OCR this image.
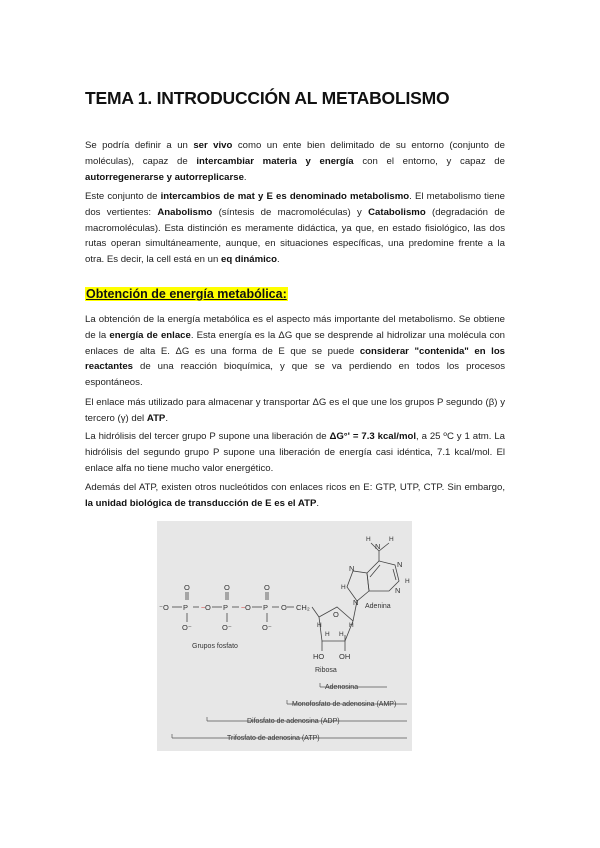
TEMA 1. INTRODUCCIÓN AL METABOLISMO

Se podría definir a un ser vivo como un ente bien delimitado de su entorno (conjunto de moléculas), capaz de intercambiar materia y energía con el entorno, y capaz de autorregenerarse y autorreplicarse.

Este conjunto de intercambios de mat y E es denominado metabolismo. El metabolismo tiene dos vertientes: Anabolismo (síntesis de macromoléculas) y Catabolismo (degradación de macromoléculas). Esta distinción es meramente didáctica, ya que, en estado fisiológico, las dos rutas operan simultáneamente, aunque, en situaciones específicas, una predomine frente a la otra. Es decir, la cell está en un eq dinámico.

Obtención de energía metabólica:

La obtención de la energía metabólica es el aspecto más importante del metabolismo. Se obtiene de la energía de enlace. Esta energía es la ΔG que se desprende al hidrolizar una molécula con enlaces de alta E. ΔG es una forma de E que se puede considerar "contenida" en los reactantes de una reacción bioquímica, y que se va perdiendo en todos los procesos espontáneos.

El enlace más utilizado para almacenar y transportar ΔG es el que une los grupos P segundo (β) y tercero (γ) del ATP.

La hidrólisis del tercer grupo P supone una liberación de ΔG°' = 7.3 kcal/mol, a 25 ºC y 1 atm. La hidrólisis del segundo grupo P supone una liberación de energía casi idéntica, 7.1 kcal/mol. El enlace alfa no tiene mucho valor energético.

Además del ATP, existen otros nucleótidos con enlaces ricos en E: GTP, UTP, CTP. Sin embargo, la unidad biológica de transducción de E es el ATP.

O
P
O⁻
⁻O	~ O
O
P
O⁻
~ O
O
P
O⁻
O CH₂
O
H H
H	H
HO OH
N
H	H
N	N
H	N
H
N
Grupos fosfato
Adenina
Ribosa
Adenosina
Monofosfato de adenosina (AMP)
Difosfato de adenosina (ADP)
Trifosfato de adenosina (ATP)
